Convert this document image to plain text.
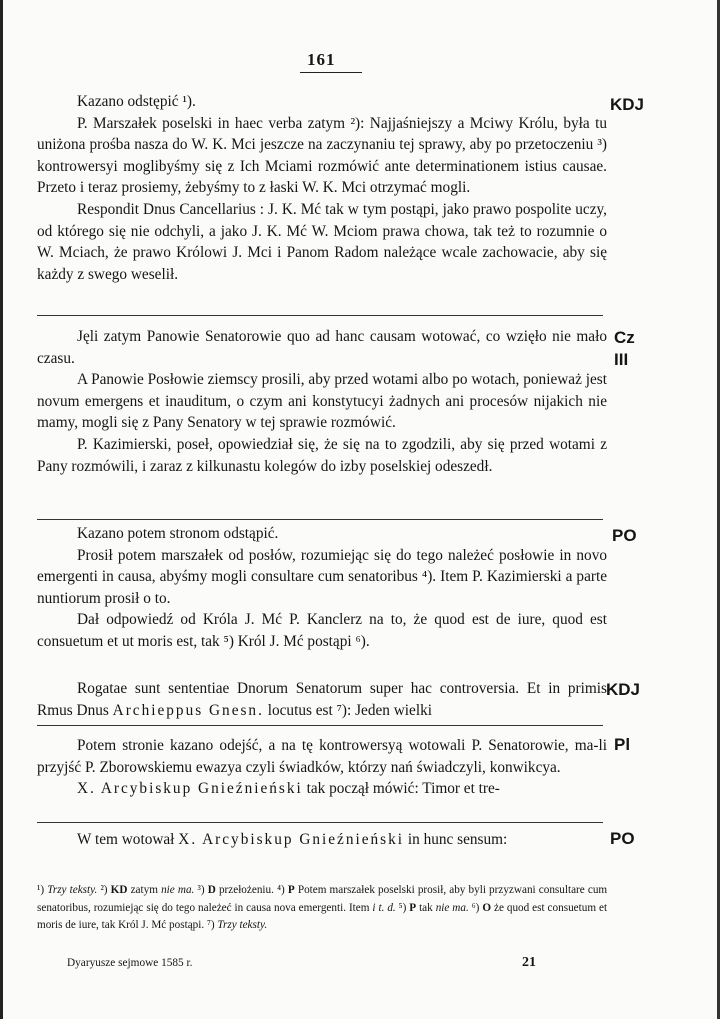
161

Kazano odstępić ¹).

P. Marszałek poselski in haec verba zatym ²): Najjaśniejszy a Mciwy Królu, była tu uniżona prośba nasza do W. K. Mci jeszcze na zaczynaniu tej sprawy, aby po przetoczeniu ³) kontrowersyi moglibyśmy się z Ich Mciami rozmówić ante determinationem istius causae. Przeto i teraz prosiemy, żebyśmy to z łaski W. K. Mci otrzymać mogli.

Respondit Dnus Cancellarius : J. K. Mć tak w tym postąpi, jako prawo pospolite uczy, od którego się nie odchyli, a jako J. K. Mć W. Mciom prawa chowa, tak też to rozumnie o W. Mciach, że prawo Królowi J. Mci i Panom Radom należące wcale zachowacie, aby się każdy z swego weselił.

KDJ

Jęli zatym Panowie Senatorowie quo ad hanc causam wotować, co wzięło nie mało czasu.

A Panowie Posłowie ziemscy prosili, aby przed wotami albo po wotach, ponieważ jest novum emergens et inauditum, o czym ani konstytucyi żadnych ani procesów nijakich nie mamy, mogli się z Pany Senatory w tej sprawie rozmówić.

P. Kazimierski, poseł, opowiedział się, że się na to zgodzili, aby się przed wotami z Pany rozmówili, i zaraz z kilkunastu kolegów do izby poselskiej odeszedł.

Cz
III

Kazano potem stronom odstąpić.

Prosił potem marszałek od posłów, rozumiejąc się do tego należeć posłowie in novo emergenti in causa, abyśmy mogli consultare cum senatoribus ⁴). Item P. Kazimierski a parte nuntiorum prosił o to.

Dał odpowiedź od Króla J. Mć P. Kanclerz na to, że quod est de iure, quod est consuetum et ut moris est, tak ⁵) Król J. Mć postąpi ⁶).

PO

Rogatae sunt sententiae Dnorum Senatorum super hac controversia. Et in primis Rmus Dnus Archieppus Gnesn. locutus est ⁷): Jeden wielki

KDJ

Potem stronie kazano odejść, a na tę kontrowersyą wotowali P. Senatorowie, ma-li przyjść P. Zborowskiemu ewazya czyli świadków, którzy nań świadczyli, konwikcya.

X. Arcybiskup Gnieźnieński tak począł mówić: Timor et tre-

Pl

W tem wotował X. Arcybiskup Gnieźnieński in hunc sensum:	PO

¹) Trzy teksty. ²) KD zatym nie ma. ³) D przełożeniu. ⁴) P Potem marszałek poselski prosił, aby byli przyzwani consultare cum senatoribus, rozumiejąc się do tego należeć in causa nova emergenti. Item i t. d. ⁵) P tak nie ma. ⁶) O że quod est consuetum et moris de iure, tak Król J. Mć postąpi. ⁷) Trzy teksty.

Dyaryusze sejmowe 1585 r.	21
